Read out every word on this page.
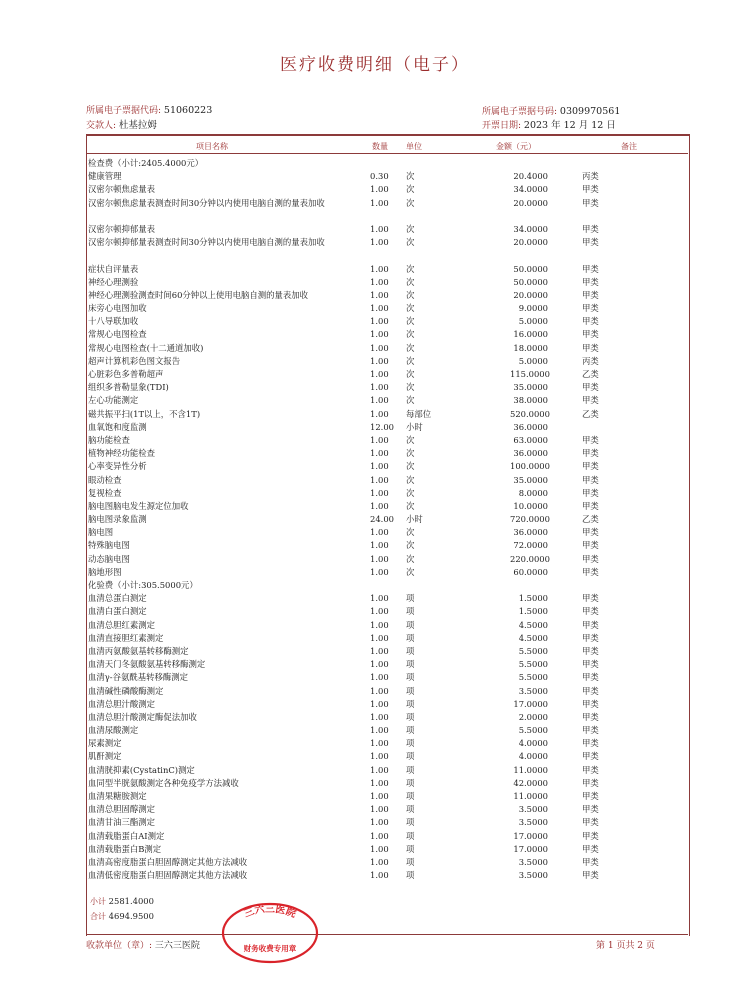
医疗收费明细（电子）
所属电子票据代码: 51060223
交款人: 杜基拉姆
所属电子票据号码: 0309970561
开票日期: 2023 年 12 月 12 日
项目名称	数量 单位	金额（元）	备注
检查费（小计:2405.4000元）
健康管理	0.30 次	20.4000	丙类
汉密尔顿焦虑量表	1.00 次	34.0000	甲类
汉密尔顿焦虑量表测查时间30分钟以内使用电脑自测的量表加收	1.00 次	20.0000	甲类
汉密尔顿抑郁量表	1.00 次	34.0000	甲类
汉密尔顿抑郁量表测查时间30分钟以内使用电脑自测的量表加收	1.00 次	20.0000	甲类
症状自评量表	1.00 次	50.0000	甲类
神经心理测验	1.00 次	50.0000	甲类
神经心理测验测查时间60分钟以上使用电脑自测的量表加收	1.00 次	20.0000	甲类
床旁心电图加收	1.00 次	9.0000	甲类
十八导联加收	1.00 次	5.0000	甲类
常规心电图检查	1.00 次	16.0000	甲类
常规心电图检查(十二通道加收)	1.00 次	18.0000	甲类
超声计算机彩色图文报告	1.00 次	5.0000	丙类
心脏彩色多普勒超声	1.00 次	115.0000	乙类
组织多普勒显象(TDI)	1.00 次	35.0000	甲类
左心功能测定	1.00 次	38.0000	甲类
磁共振平扫(1T以上，不含1T)	1.00 每部位	520.0000	乙类
血氧饱和度监测	12.00 小时	36.0000
脑功能检查	1.00 次	63.0000	甲类
植物神经功能检查	1.00 次	36.0000	甲类
心率变异性分析	1.00 次	100.0000	甲类
眼动检查	1.00 次	35.0000	甲类
复视检查	1.00 次	8.0000	甲类
脑电图脑电发生源定位加收	1.00 次	10.0000	甲类
脑电图录象监测	24.00 小时	720.0000	乙类
脑电图	1.00 次	36.0000	甲类
特殊脑电图	1.00 次	72.0000	甲类
动态脑电图	1.00 次	220.0000	甲类
脑地形图	1.00 次	60.0000	甲类
化验费（小计:305.5000元）
血清总蛋白测定	1.00 项	1.5000	甲类
血清白蛋白测定	1.00 项	1.5000	甲类
血清总胆红素测定	1.00 项	4.5000	甲类
血清直接胆红素测定	1.00 项	4.5000	甲类
血清丙氨酸氨基转移酶测定	1.00 项	5.5000	甲类
血清天门冬氨酸氨基转移酶测定	1.00 项	5.5000	甲类
血清γ-谷氨酰基转移酶测定	1.00 项	5.5000	甲类
血清碱性磷酸酶测定	1.00 项	3.5000	甲类
血清总胆汁酸测定	1.00 项	17.0000	甲类
血清总胆汁酸测定酶促法加收	1.00 项	2.0000	甲类
血清尿酸测定	1.00 项	5.5000	甲类
尿素测定	1.00 项	4.0000	甲类
肌酐测定	1.00 项	4.0000	甲类
血清胱抑素(CystatinC)测定	1.00 项	11.0000	甲类
血同型半胱氨酸测定各种免疫学方法减收	1.00 项	42.0000	甲类
血清果糖胺测定	1.00 项	11.0000	甲类
血清总胆固醇测定	1.00 项	3.5000	甲类
血清甘油三酯测定	1.00 项	3.5000	甲类
血清载脂蛋白AⅠ测定	1.00 项	17.0000	甲类
血清载脂蛋白B测定	1.00 项	17.0000	甲类
血清高密度脂蛋白胆固醇测定其他方法减收	1.00 项	3.5000	甲类
血清低密度脂蛋白胆固醇测定其他方法减收	1.00 项	3.5000	甲类
小计 2581.4000
合计 4694.9500
收款单位（章）: 三六三医院	第 1 页共 2 页
三六三医院
财务收费专用章
